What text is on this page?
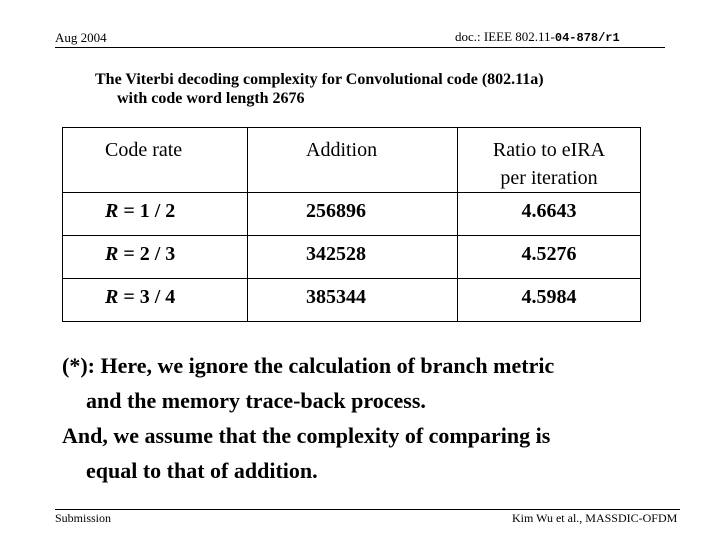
Aug 2004	doc.: IEEE 802.11-04-878/r1
The Viterbi decoding complexity for Convolutional code (802.11a)
with code word length 2676
Code rate	Addition	Ratio to eIRA
per iteration

R = 1 / 2	256896	4.6643

R = 2 / 3	342528	4.5276

R = 3 / 4	385344	4.5984
(*): Here, we ignore the calculation of branch metric
and the memory trace-back process.
And, we assume that the complexity of comparing is
equal to that of addition.
Submission	Kim Wu et al., MASSDIC-OFDM
